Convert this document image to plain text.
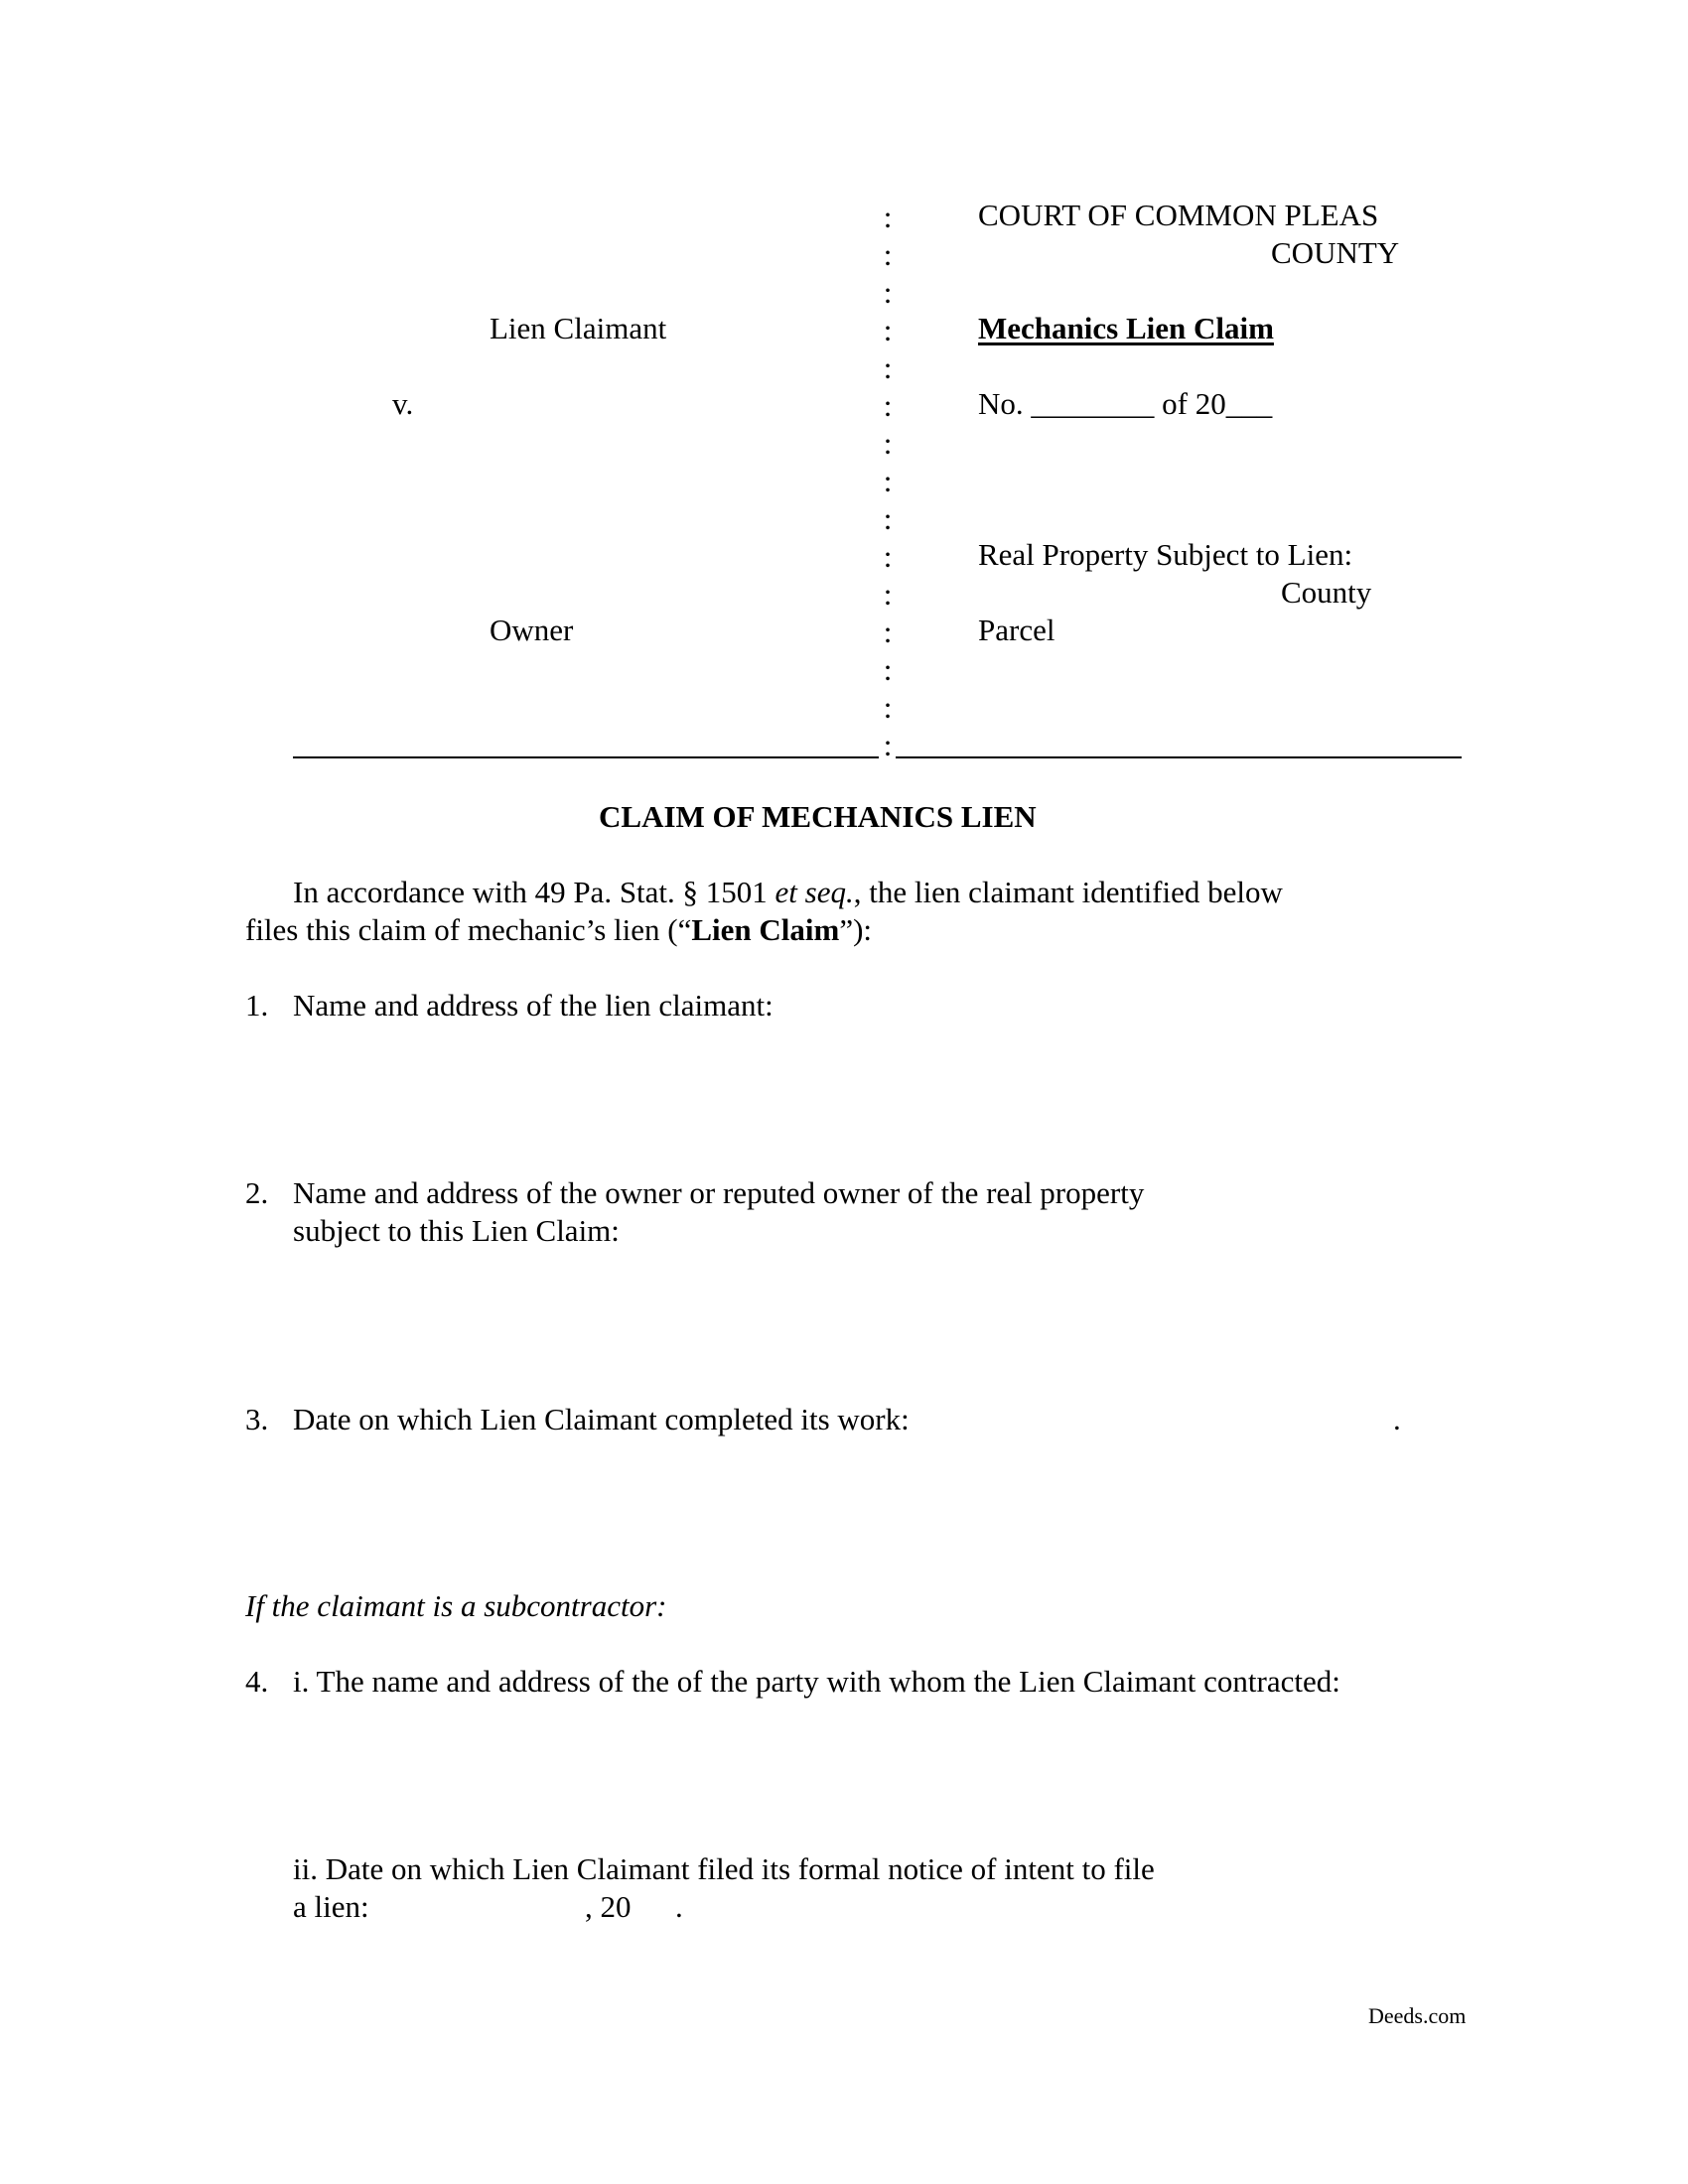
COURT OF COMMON PLEAS
COUNTY
Mechanics Lien Claim
No. ________ of 20___
Real Property Subject to Lien:
County
Parcel
Lien Claimant
v.
Owner
:
:
:
:
:
:
:
:
:
:
:
:
:
:
:
CLAIM OF MECHANICS LIEN
In accordance with 49 Pa. Stat. § 1501 et seq., the lien claimant identified below
files this claim of mechanic’s lien (“Lien Claim”):
1. Name and address of the lien claimant:
2. Name and address of the owner or reputed owner of the real property
subject to this Lien Claim:
3. Date on which Lien Claimant completed its work:	.
If the claimant is a subcontractor:
4. i. The name and address of the of the party with whom the Lien Claimant contracted:
ii. Date on which Lien Claimant filed its formal notice of intent to file
a lien:	, 20 .
Deeds.com
